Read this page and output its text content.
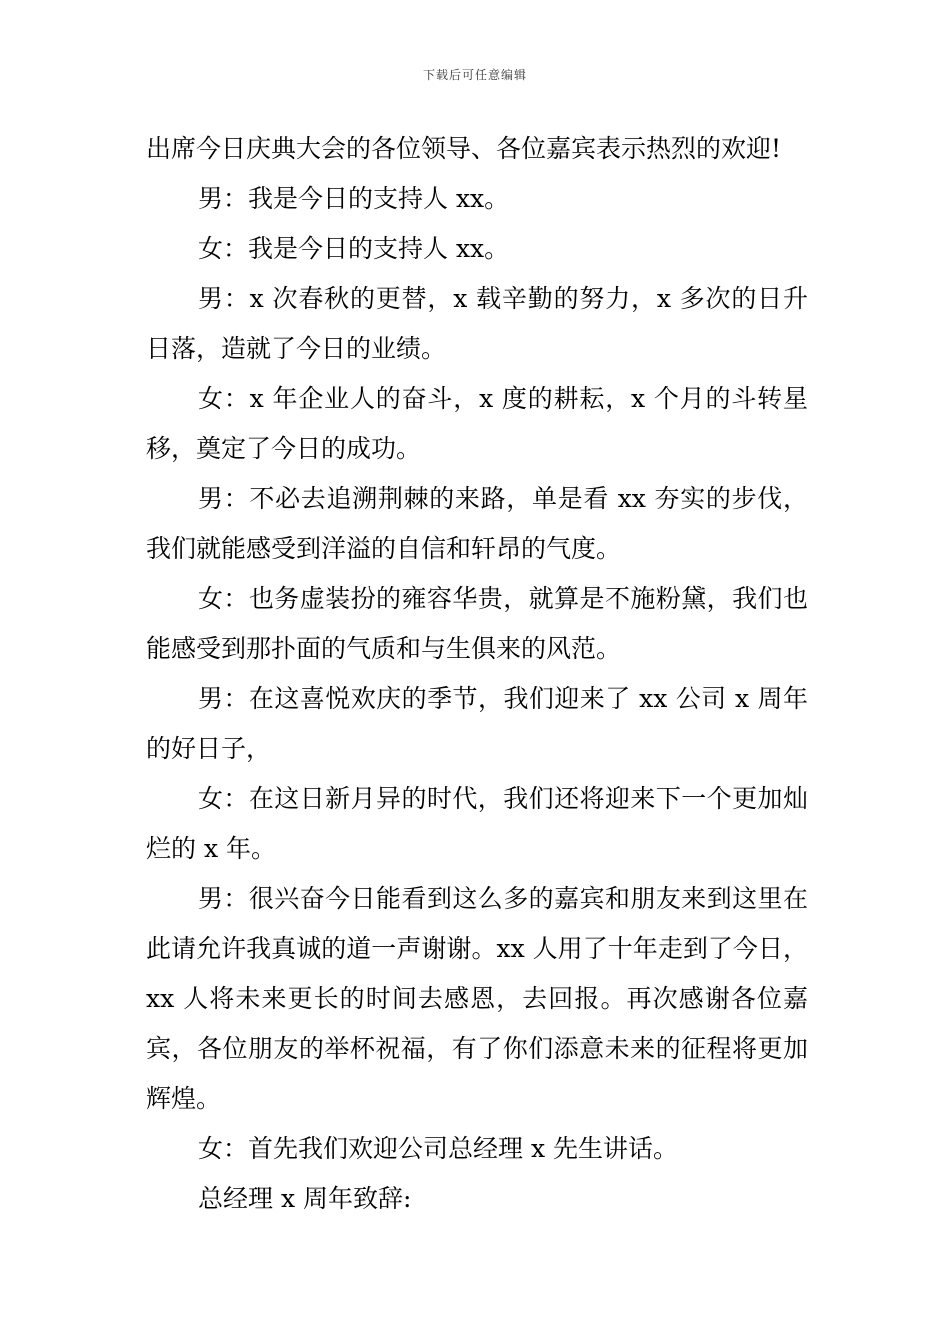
下载后可任意编辑

出席今日庆典大会的各位领导、各位嘉宾表示热烈的欢迎!

男：我是今日的支持人 xx。

女：我是今日的支持人 xx。

男：x 次春秋的更替，x 载辛勤的努力，x 多次的日升日落，造就了今日的业绩。

女：x 年企业人的奋斗，x 度的耕耘，x 个月的斗转星移，奠定了今日的成功。

男：不必去追溯荆棘的来路，单是看 xx 夯实的步伐，我们就能感受到洋溢的自信和轩昂的气度。

女：也务虚装扮的雍容华贵，就算是不施粉黛，我们也能感受到那扑面的气质和与生俱来的风范。

男：在这喜悦欢庆的季节，我们迎来了 xx 公司 x 周年的好日子，

女：在这日新月异的时代，我们还将迎来下一个更加灿烂的 x 年。

男：很兴奋今日能看到这么多的嘉宾和朋友来到这里在此请允许我真诚的道一声谢谢。xx 人用了十年走到了今日，xx 人将未来更长的时间去感恩，去回报。再次感谢各位嘉宾，各位朋友的举杯祝福，有了你们添意未来的征程将更加辉煌。

女：首先我们欢迎公司总经理 x 先生讲话。

总经理 x 周年致辞:
